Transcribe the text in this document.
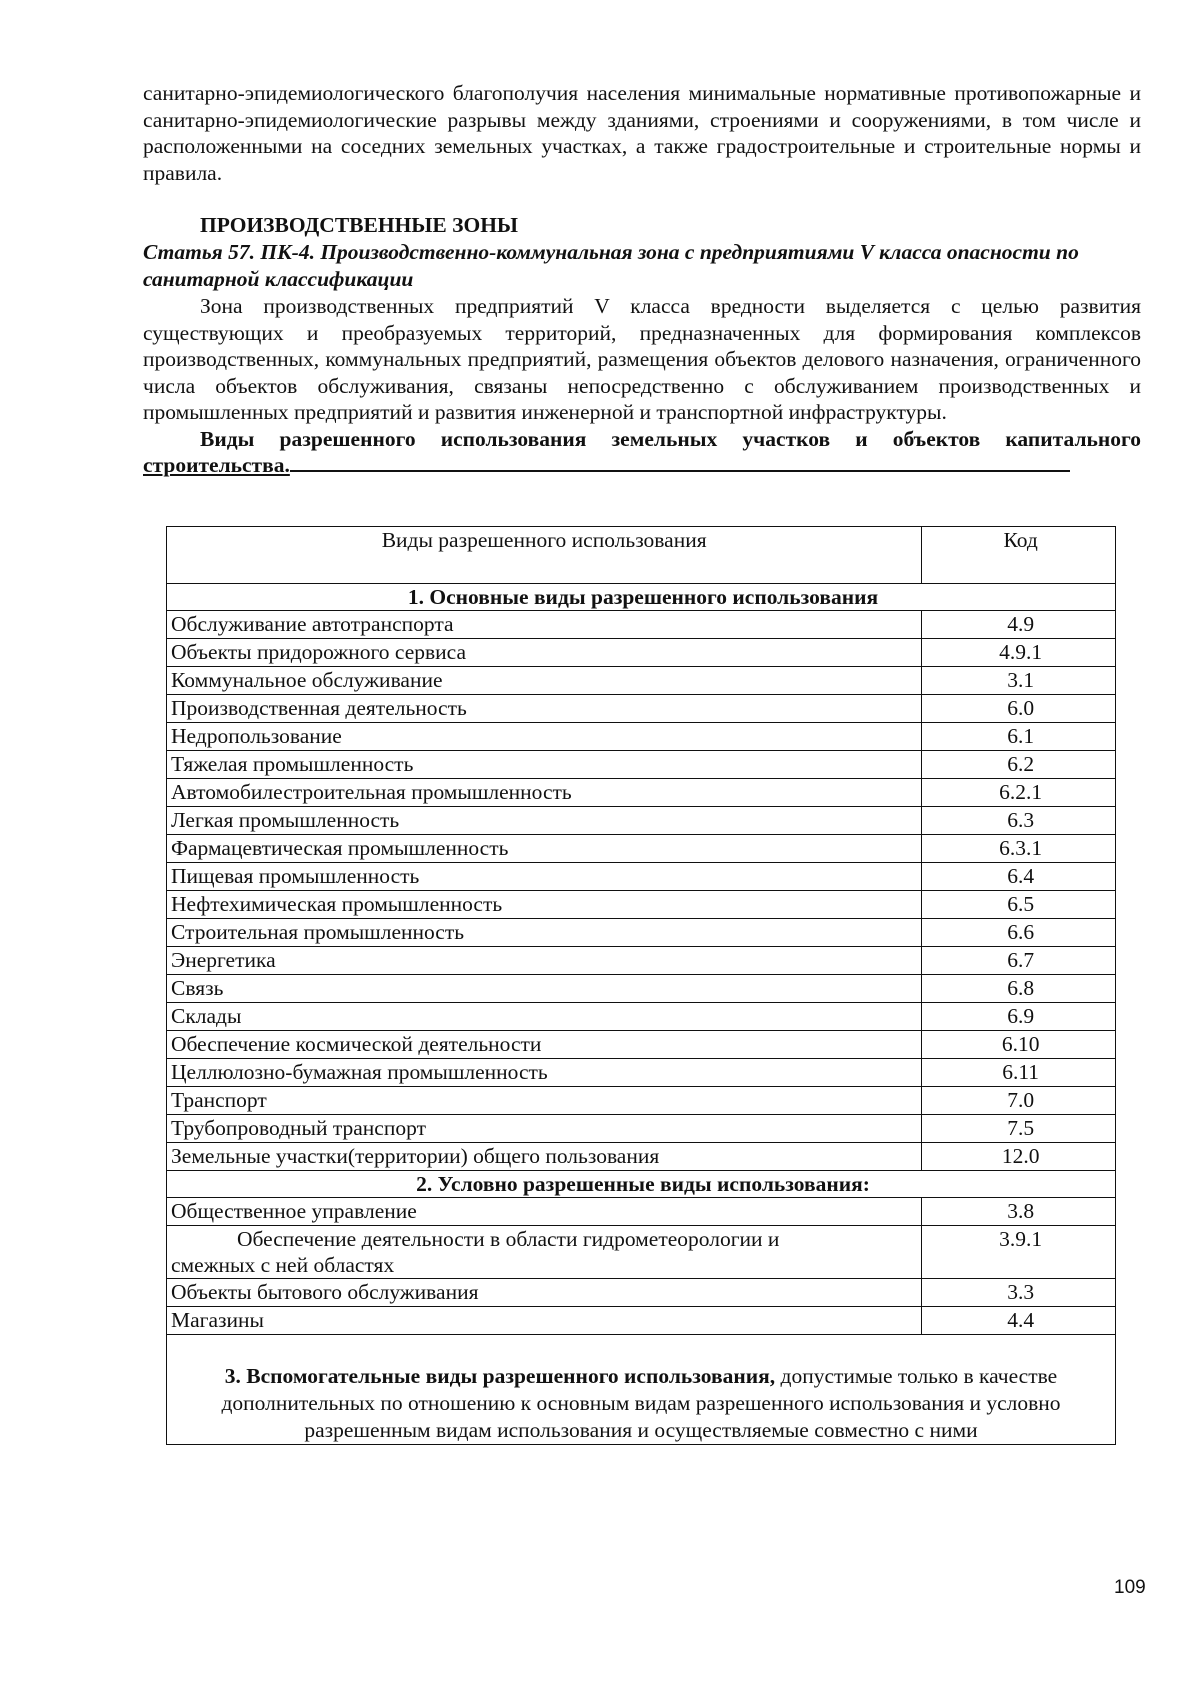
санитарно-эпидемиологического благополучия населения минимальные нормативные противопожарные и санитарно-эпидемиологические разрывы между зданиями, строениями и сооружениями, в том числе и расположенными на соседних земельных участках, а также градостроительные и строительные нормы и правила.

ПРОИЗВОДСТВЕННЫЕ ЗОНЫ

Статья 57. ПК-4. Производственно-коммунальная зона с предприятиями V класса опасности по санитарной классификации

Зона производственных предприятий V класса вредности выделяется с целью развития существующих и преобразуемых территорий, предназначенных для формирования комплексов производственных, коммунальных предприятий, размещения объектов делового назначения, ограниченного числа объектов обслуживания, связаны непосредственно с обслуживанием производственных и промышленных предприятий и развития инженерной и транспортной инфраструктуры.

Виды разрешенного использования земельных участков и объектов капитального строительства.

Виды разрешенного использования	Код
1. Основные виды разрешенного использования	
Обслуживание автотранспорта	4.9
Объекты придорожного сервиса	4.9.1
Коммунальное обслуживание	3.1
Производственная деятельность	6.0
Недропользование	6.1
Тяжелая промышленность	6.2
Автомобилестроительная промышленность	6.2.1
Легкая промышленность	6.3
Фармацевтическая промышленность	6.3.1
Пищевая промышленность	6.4
Нефтехимическая промышленность	6.5
Строительная промышленность	6.6
Энергетика	6.7
Связь	6.8
Склады	6.9
Обеспечение космической деятельности	6.10
Целлюлозно-бумажная промышленность	6.11
Транспорт	7.0
Трубопроводный транспорт	7.5
Земельные участки(территории) общего пользования	12.0
2. Условно разрешенные виды использования:	
Общественное управление	3.8

Обеспечение деятельности в области гидрометеорологии и
смежных с ней областях	3.9.1
Объекты бытового обслуживания	3.3
Магазины	4.4
3. Вспомогательные виды разрешенного использования, допустимые только в качестве дополнительных по отношению к основным видам разрешенного использования и условно разрешенным видам использования и осуществляемые совместно с ними	
109
